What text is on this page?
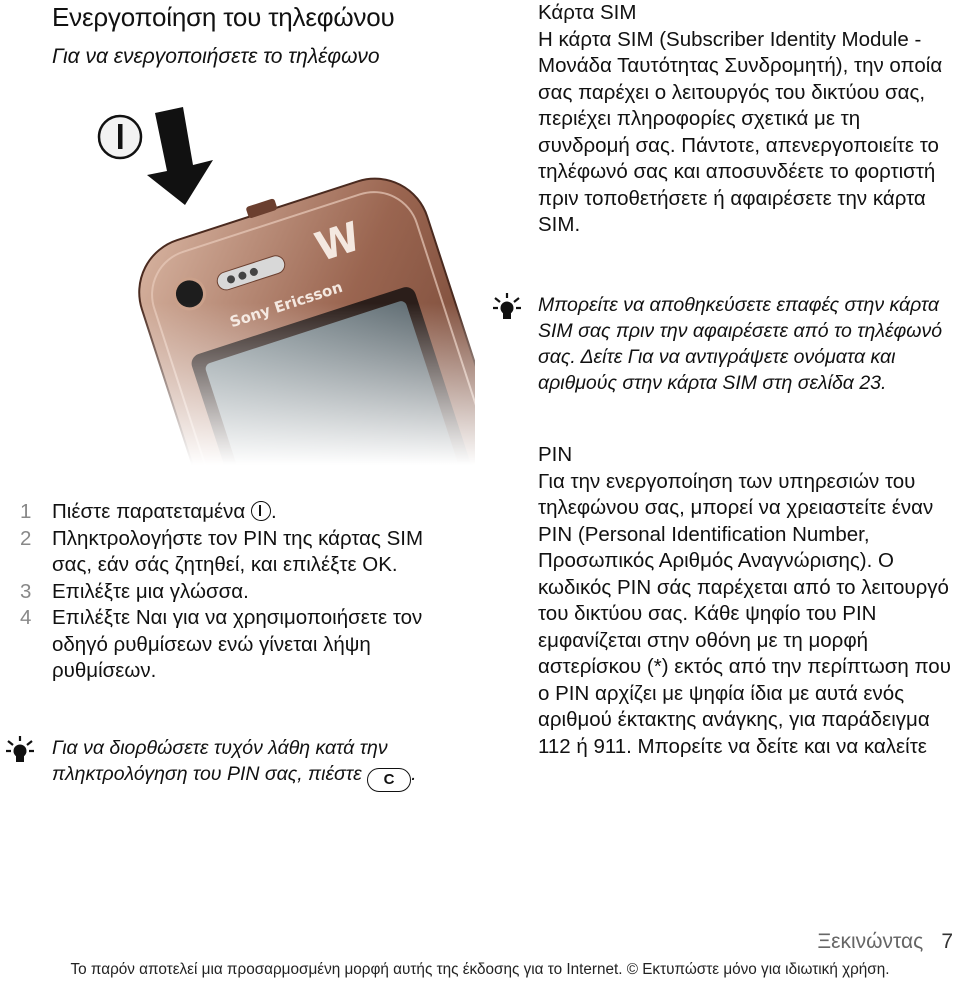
Ενεργοποίηση του τηλεφώνου
Για να ενεργοποιήσετε το τηλέφωνο
1 Πιέστε παρατεταμένα
.
2 Πληκτρολογήστε τον PIN της κάρτας SIM σας, εάν σάς ζητηθεί, και επιλέξτε OK.
3 Επιλέξτε μια γλώσσα.
4 Επιλέξτε Ναι για να χρησιμοποιήσετε τον οδηγό ρυθμίσεων ενώ γίνεται λήψη ρυθμίσεων.
Για να διορθώσετε τυχόν λάθη κατά την πληκτρολόγηση του PIN σας, πιέστε C .
Κάρτα SIM

Η κάρτα SIM (Subscriber Identity Module - Μονάδα Ταυτότητας Συνδρομητή), την οποία σας παρέχει ο λειτουργός του δικτύου σας, περιέχει πληροφορίες σχετικά με τη συνδρομή σας. Πάντοτε, απενεργοποιείτε το τηλέφωνό σας και αποσυνδέετε το φορτιστή πριν τοποθετήσετε ή αφαιρέσετε την κάρτα SIM.

Μπορείτε να αποθηκεύσετε επαφές στην κάρτα SIM σας πριν την αφαιρέσετε από το τηλέφωνό σας. Δείτε Για να αντιγράψετε ονόματα και αριθμούς στην κάρτα SIM στη σελίδα 23.
PIN

Για την ενεργοποίηση των υπηρεσιών του τηλεφώνου σας, μπορεί να χρειαστείτε έναν PIN (Personal Identification Number, Προσωπικός Αριθμός Αναγνώρισης). Ο κωδικός PIN σάς παρέχεται από το λειτουργό του δικτύου σας. Κάθε ψηφίο του PIN εμφανίζεται στην οθόνη με τη μορφή αστερίσκου (*) εκτός από την περίπτωση που ο PIN αρχίζει με ψηφία ίδια με αυτά ενός αριθμού έκτακτης ανάγκης, για παράδειγμα 112 ή 911. Μπορείτε να δείτε και να καλείτε

Ξεκινώντας 7
Το παρόν αποτελεί μια προσαρμοσμένη μορφή αυτής της έκδοσης για το Internet. © Εκτυπώστε μόνο για ιδιωτική χρήση.
